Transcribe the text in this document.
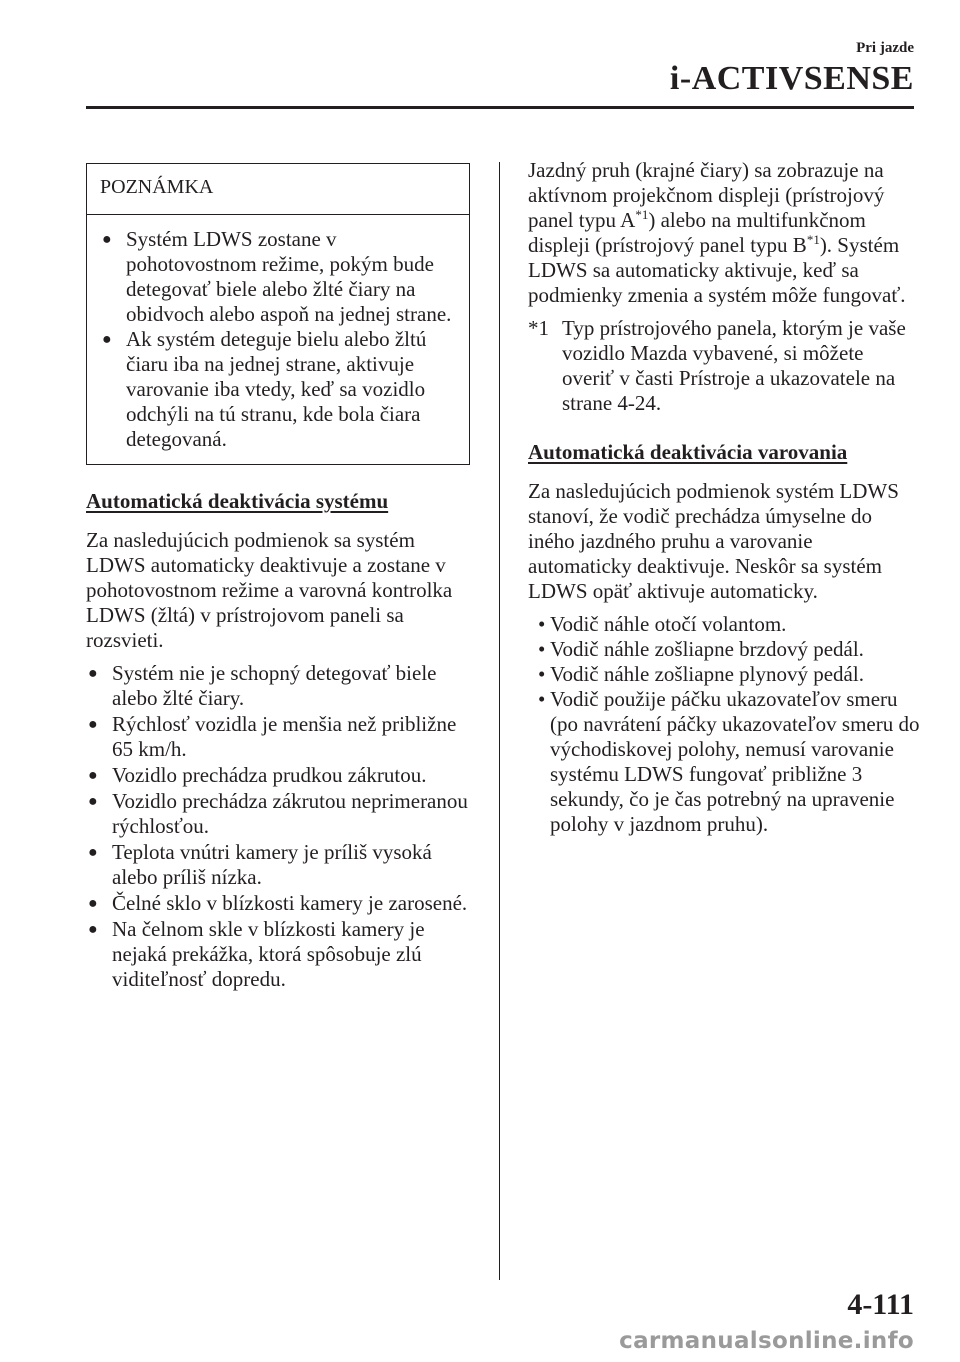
Pri jazde
i-ACTIVSENSE
POZNÁMKA
● Systém LDWS zostane v pohotovostnom režime, pokým bude detegovať biele alebo žlté čiary na obidvoch alebo aspoň na jednej strane.
● Ak systém deteguje bielu alebo žltú čiaru iba na jednej strane, aktivuje varovanie iba vtedy, keď sa vozidlo odchýli na tú stranu, kde bola čiara detegovaná.
Automatická deaktivácia systému

Za nasledujúcich podmienok sa systém LDWS automaticky deaktivuje a zostane v pohotovostnom režime a varovná kontrolka LDWS (žltá) v prístrojovom paneli sa rozsvieti.

● Systém nie je schopný detegovať biele alebo žlté čiary.
● Rýchlosť vozidla je menšia než približne 65 km/h.
● Vozidlo prechádza prudkou zákrutou.
● Vozidlo prechádza zákrutou neprimeranou rýchlosťou.
● Teplota vnútri kamery je príliš vysoká alebo príliš nízka.
● Čelné sklo v blízkosti kamery je zarosené.
● Na čelnom skle v blízkosti kamery je nejaká prekážka, ktorá spôsobuje zlú viditeľnosť dopredu.

Jazdný pruh (krajné čiary) sa zobrazuje na aktívnom projekčnom displeji (prístrojový panel typu $A^{*1}$) alebo na multifunkčnom displeji (prístrojový panel typu $B^{*1}$). Systém LDWS sa automaticky aktivuje, keď sa podmienky zmenia a systém môže fungovať.

*1 Typ prístrojového panela, ktorým je vaše vozidlo Mazda vybavené, si môžete overiť v časti Prístroje a ukazovatele na strane 4-24.

Automatická deaktivácia varovania

Za nasledujúcich podmienok systém LDWS stanoví, že vodič prechádza úmyselne do iného jazdného pruhu a varovanie automaticky deaktivuje. Neskôr sa systém LDWS opäť aktivuje automaticky.

• Vodič náhle otočí volantom.
• Vodič náhle zošliapne brzdový pedál.
• Vodič náhle zošliapne plynový pedál.
• Vodič použije páčku ukazovateľov smeru (po navrátení páčky ukazovateľov smeru do východiskovej polohy, nemusí varovanie systému LDWS fungovať približne 3 sekundy, čo je čas potrebný na upravenie polohy v jazdnom pruhu).
4-111
carmanualsonline.info
